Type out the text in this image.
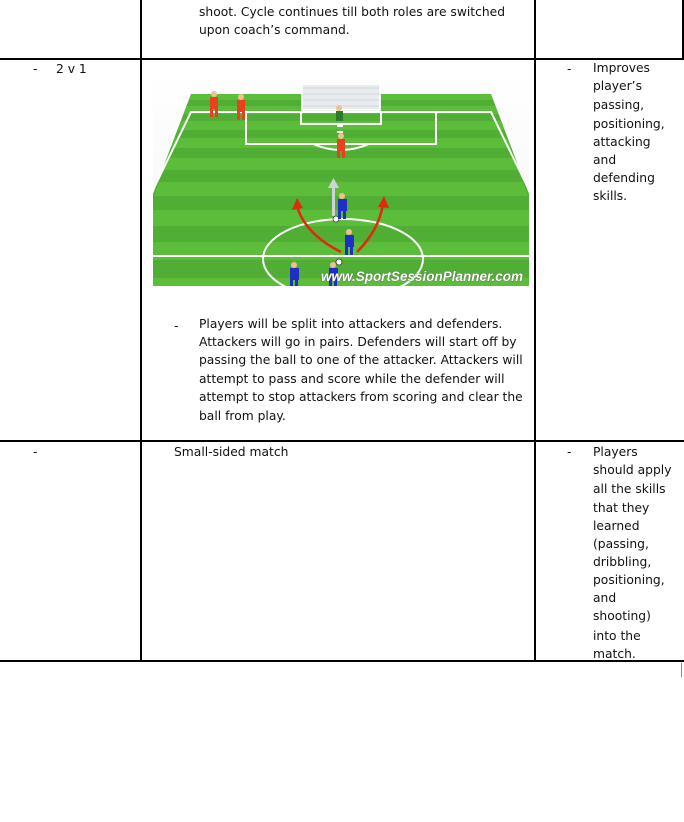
shoot. Cycle continues till both roles are switched
upon coach’s command.
- 2 v 1
www.SportSessionPlanner.com
- Players will be split into attackers and defenders.
Attackers will go in pairs. Defenders will start off by
passing the ball to one of the attacker. Attackers will
attempt to pass and score while the defender will
attempt to stop attackers from scoring and clear the
ball from play.
- Improves
player’s
passing,
positioning,
attacking
and
defending
skills.
-	Small-sided match	- Players
should apply
all the skills
that they
learned
(passing,
dribbling,
positioning,
and
shooting)
into the
match.
